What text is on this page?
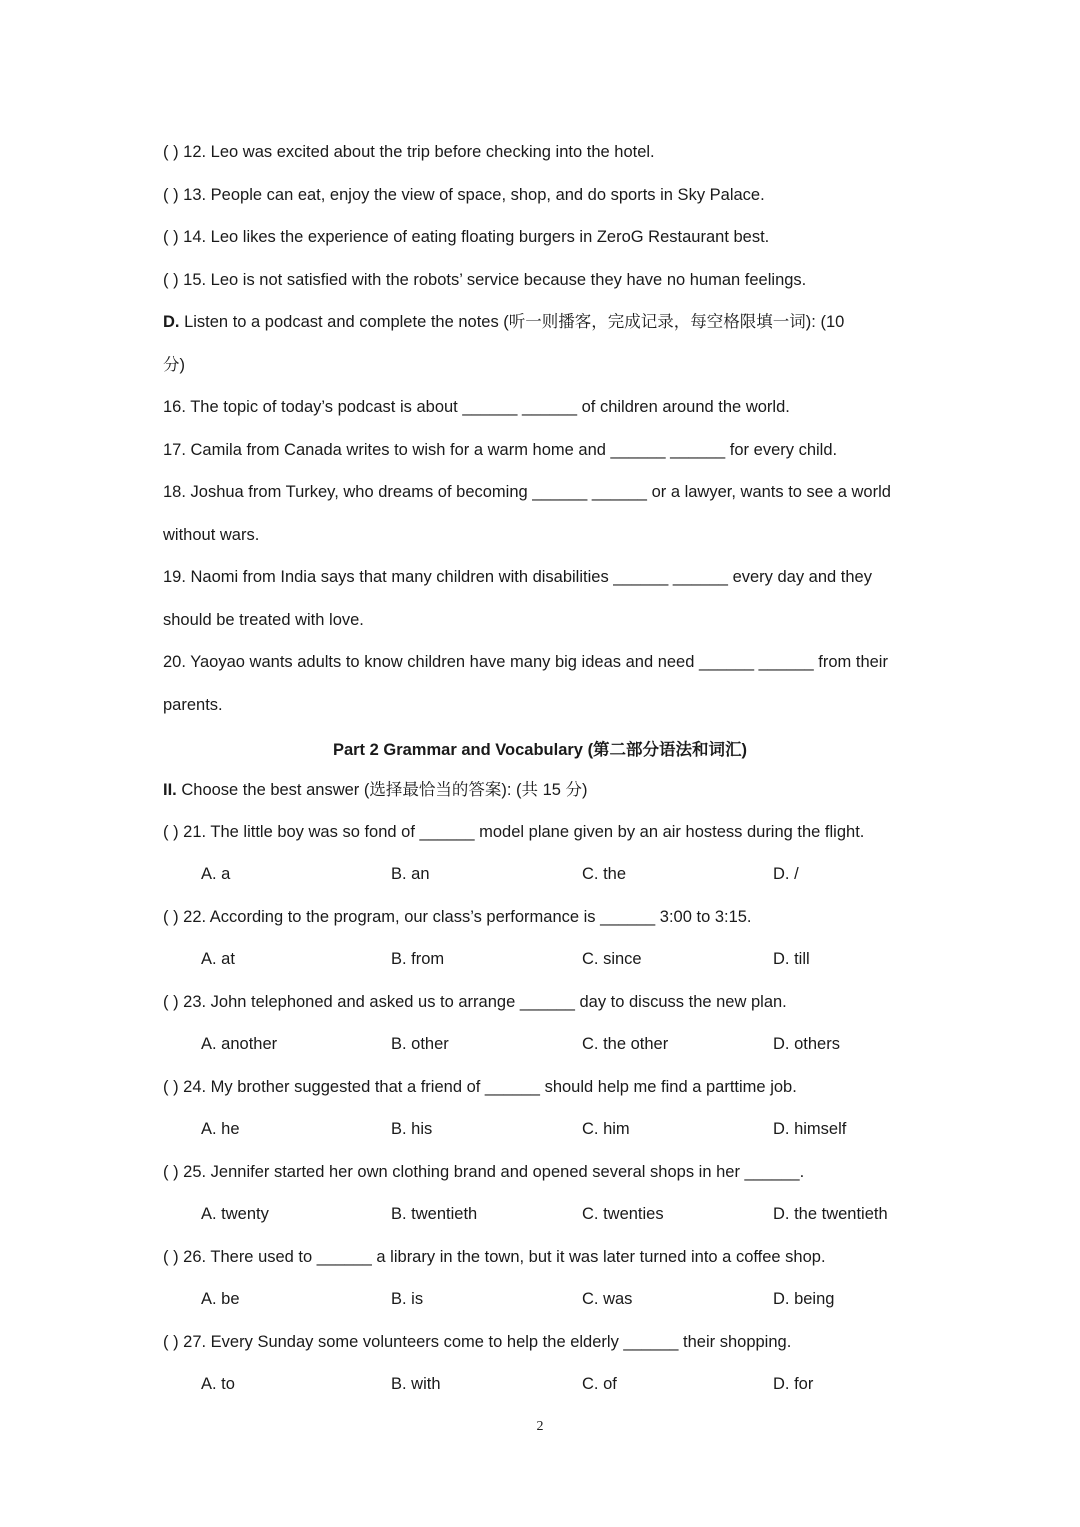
( ) 12. Leo was excited about the trip before checking into the hotel.
( ) 13. People can eat, enjoy the view of space, shop, and do sports in Sky Palace.
( ) 14. Leo likes the experience of eating floating burgers in ZeroG Restaurant best.
( ) 15. Leo is not satisfied with the robots’ service because they have no human feelings.
D. Listen to a podcast and complete the notes (听一则播客，完成记录，每空格限填一词): (10
分)
16. The topic of today’s podcast is about ______ ______ of children around the world.
17. Camila from Canada writes to wish for a warm home and ______ ______ for every child.
18. Joshua from Turkey, who dreams of becoming ______ ______ or a lawyer, wants to see a world
without wars.
19. Naomi from India says that many children with disabilities ______ ______ every day and they
should be treated with love.
20. Yaoyao wants adults to know children have many big ideas and need ______ ______ from their
parents.
Part 2 Grammar and Vocabulary (第二部分语法和词汇)
II. Choose the best answer (选择最恰当的答案): (共 15 分)
( ) 21. The little boy was so fond of ______ model plane given by an air hostess during the flight.
A. a	B. an	C. the	D. /
( ) 22. According to the program, our class’s performance is ______ 3:00 to 3:15.
A. at	B. from	C. since	D. till
( ) 23. John telephoned and asked us to arrange ______ day to discuss the new plan.
A. another	B. other	C. the other	D. others
( ) 24. My brother suggested that a friend of ______ should help me find a parttime job.
A. he	B. his	C. him	D. himself
( ) 25. Jennifer started her own clothing brand and opened several shops in her ______.
A. twenty	B. twentieth	C. twenties	D. the twentieth
( ) 26. There used to ______ a library in the town, but it was later turned into a coffee shop.
A. be	B. is	C. was	D. being
( ) 27. Every Sunday some volunteers come to help the elderly ______ their shopping.
A. to	B. with	C. of	D. for
2
